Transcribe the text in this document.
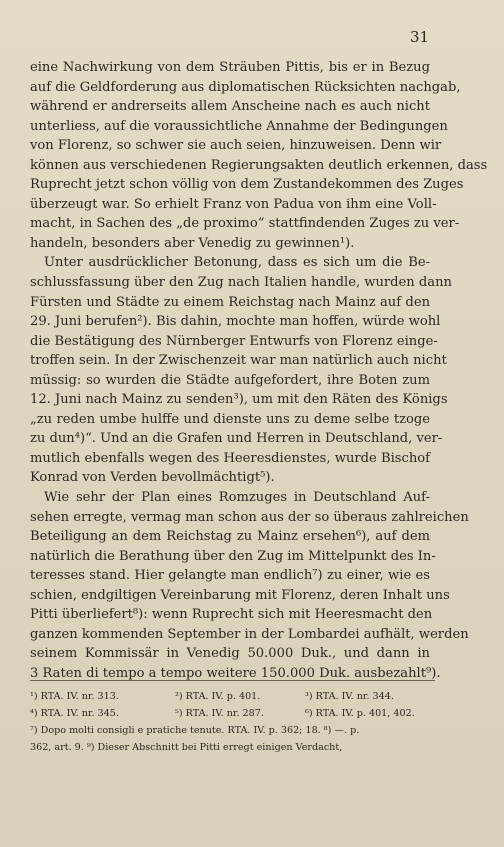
31
eine Nachwirkung von dem Sträuben Pittis, bis er in Bezug
auf die Geldforderung aus diplomatischen Rücksichten nachgab,
während er andrerseits allem Anscheine nach es auch nicht
unterliess, auf die voraussichtliche Annahme der Bedingungen
von Florenz, so schwer sie auch seien, hinzuweisen. Denn wir
können aus verschiedenen Regierungsakten deutlich erkennen, dass
Ruprecht jetzt schon völlig von dem Zustandekommen des Zuges
überzeugt war. So erhielt Franz von Padua von ihm eine Voll-
macht, in Sachen des „de proximo“ stattfindenden Zuges zu ver-
handeln, besonders aber Venedig zu gewinnen¹).
Unter ausdrücklicher Betonung, dass es sich um die Be-
schlussfassung über den Zug nach Italien handle, wurden dann
Fürsten und Städte zu einem Reichstag nach Mainz auf den
29. Juni berufen²). Bis dahin, mochte man hoffen, würde wohl
die Bestätigung des Nürnberger Entwurfs von Florenz einge-
troffen sein. In der Zwischenzeit war man natürlich auch nicht
müssig: so wurden die Städte aufgefordert, ihre Boten zum
12. Juni nach Mainz zu senden³), um mit den Räten des Königs
„zu reden umbe hulffe und dienste uns zu deme selbe tzoge
zu dun⁴)“. Und an die Grafen und Herren in Deutschland, ver-
mutlich ebenfalls wegen des Heeresdienstes, wurde Bischof
Konrad von Verden bevollmächtigt⁵).
Wie sehr der Plan eines Romzuges in Deutschland Auf-
sehen erregte, vermag man schon aus der so überaus zahlreichen
Beteiligung an dem Reichstag zu Mainz ersehen⁶), auf dem
natürlich die Berathung über den Zug im Mittelpunkt des In-
teresses stand. Hier gelangte man endlich⁷) zu einer, wie es
schien, endgiltigen Vereinbarung mit Florenz, deren Inhalt uns
Pitti überliefert⁸): wenn Ruprecht sich mit Heeresmacht den
ganzen kommenden September in der Lombardei aufhält, werden
seinem Kommissär in Venedig 50.000 Duk., und dann in
3 Raten di tempo a tempo weitere 150.000 Duk. ausbezahlt⁹).
¹) RTA. IV. nr. 313.	²) RTA. IV. p. 401.	³) RTA. IV. nr. 344.
⁴) RTA. IV. nr. 345.	⁵) RTA. IV. nr. 287.	⁶) RTA. IV. p. 401, 402.
⁷) Dopo molti consigli e pratiche tenute. RTA. IV. p. 362; 18. ⁸) —. p.
362, art. 9. ⁹) Dieser Abschnitt bei Pitti erregt einigen Verdacht,
